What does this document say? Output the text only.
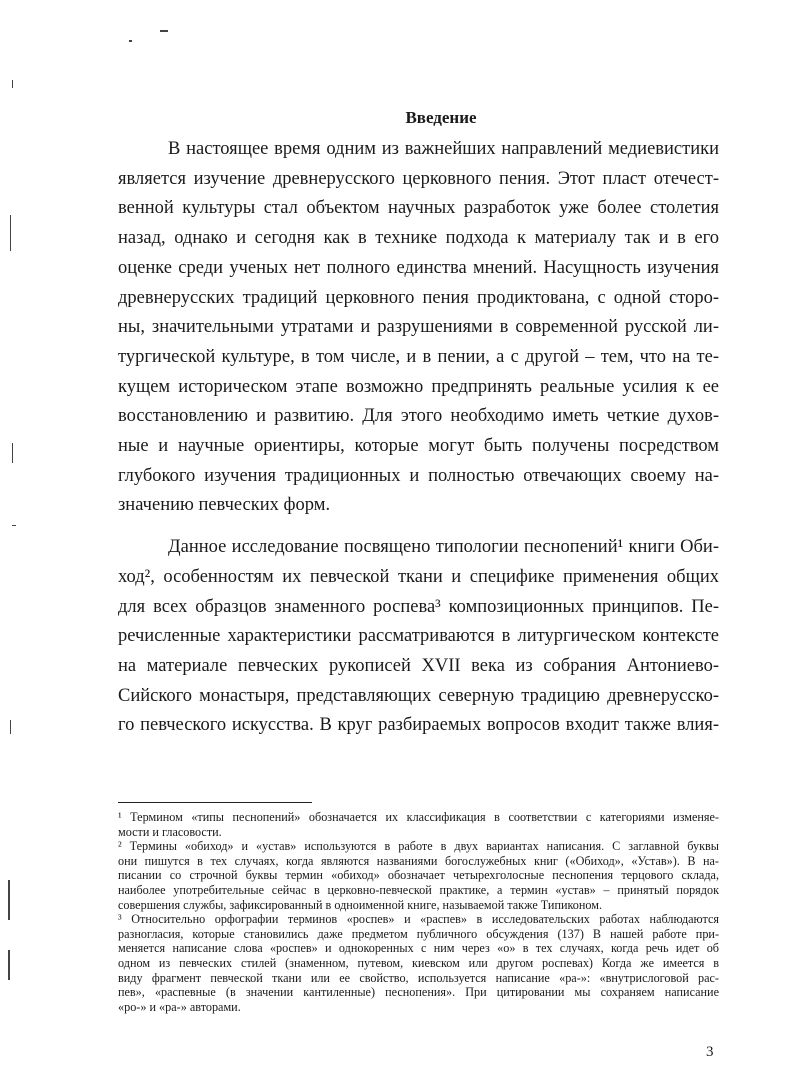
Введение
В настоящее время одним из важнейших направлений медиевистики
является изучение древнерусского церковного пения. Этот пласт отечест-
венной культуры стал объектом научных разработок уже более столетия
назад, однако и сегодня как в технике подхода к материалу так и в его
оценке среди ученых нет полного единства мнений. Насущность изучения
древнерусских традиций церковного пения продиктована, с одной сторо-
ны, значительными утратами и разрушениями в современной русской ли-
тургической культуре, в том числе, и в пении, а с другой – тем, что на те-
кущем историческом этапе возможно предпринять реальные усилия к ее
восстановлению и развитию. Для этого необходимо иметь четкие духов-
ные и научные ориентиры, которые могут быть получены посредством
глубокого изучения традиционных и полностью отвечающих своему на-
значению певческих форм.
Данное исследование посвящено типологии песнопений¹ книги Оби-
ход², особенностям их певческой ткани и специфике применения общих
для всех образцов знаменного роспева³ композиционных принципов. Пе-
речисленные характеристики рассматриваются в литургическом контексте
на материале певческих рукописей XVII века из собрания Антониево-
Сийского монастыря, представляющих северную традицию древнерусско-
го певческого искусства. В круг разбираемых вопросов входит также влия-
¹ Термином «типы песнопений» обозначается их классификация в соответствии с категориями изменяе-
мости и гласовости.
² Термины «обиход» и «устав» используются в работе в двух вариантах написания. С заглавной буквы
они пишутся в тех случаях, когда являются названиями богослужебных книг («Обиход», «Устав»). В на-
писании со строчной буквы термин «обиход» обозначает четырехголосные песнопения терцового склада,
наиболее употребительные сейчас в церковно-певческой практике, а термин «устав» – принятый порядок
совершения службы, зафиксированный в одноименной книге, называемой также Типиконом.
³ Относительно орфографии терминов «роспев» и «распев» в исследовательских работах наблюдаются
разногласия, которые становились даже предметом публичного обсуждения (137) В нашей работе при-
меняется написание слова «роспев» и однокоренных с ним через «о» в тех случаях, когда речь идет об
одном из певческих стилей (знаменном, путевом, киевском или другом роспевах) Когда же имеется в
виду фрагмент певческой ткани или ее свойство, используется написание «ра-»: «внутрислоговой рас-
пев», «распевные (в значении кантиленные) песнопения». При цитировании мы сохраняем написание
«ро-» и «ра-» авторами.
3
